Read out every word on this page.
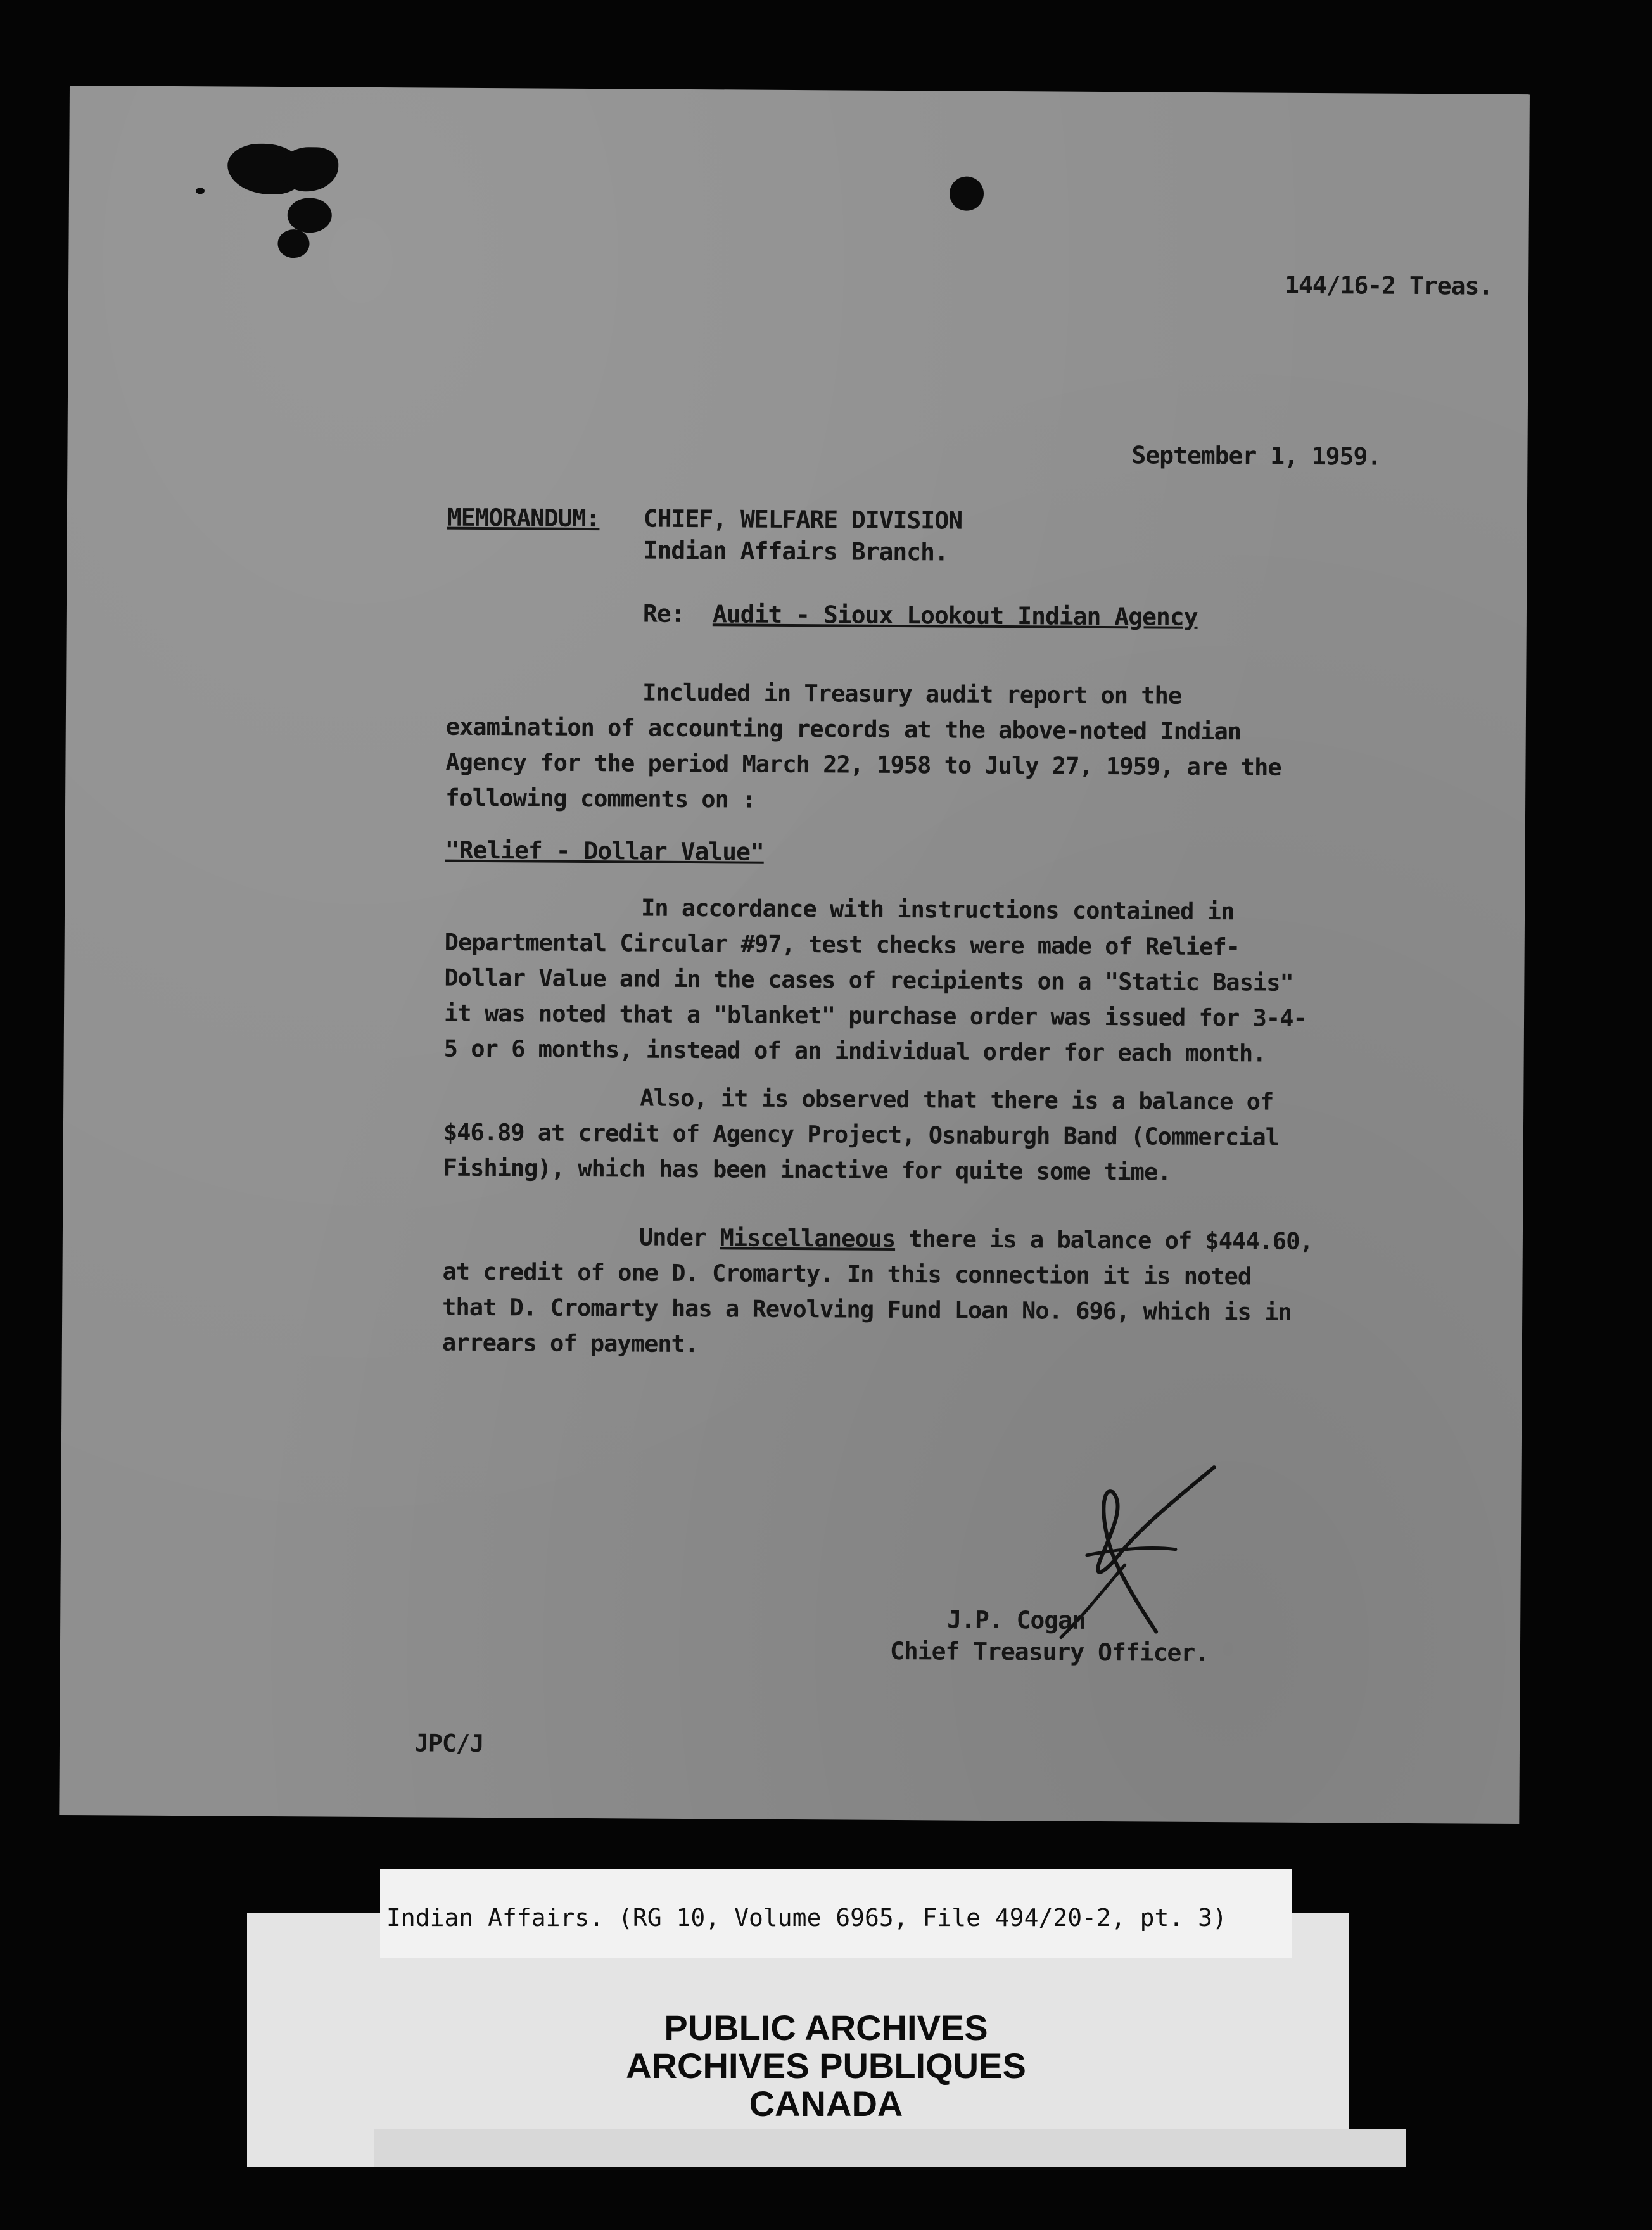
144/16-2 Treas.
September 1, 1959.
MEMORANDUM: CHIEF, WELFARE DIVISION
Indian Affairs Branch.
Re: Audit - Sioux Lookout Indian Agency
Included in Treasury audit report on the examination of accounting records at the above-noted Indian Agency for the period March 22, 1958 to July 27, 1959, are the following comments on :
"Relief - Dollar Value"
In accordance with instructions contained in Departmental Circular #97, test checks were made of Relief-Dollar Value and in the cases of recipients on a "Static Basis" it was noted that a "blanket" purchase order was issued for 3-4-5 or 6 months, instead of an individual order for each month.
Also, it is observed that there is a balance of $46.89 at credit of Agency Project, Osnaburgh Band (Commercial Fishing), which has been inactive for quite some time.
Under Miscellaneous there is a balance of $444.60, at credit of one D. Cromarty. In this connection it is noted that D. Cromarty has a Revolving Fund Loan No. 696, which is in arrears of payment.
J.P. Cogan
Chief Treasury Officer.
JPC/J
Indian Affairs. (RG 10, Volume 6965, File 494/20-2, pt. 3)
PUBLIC ARCHIVES
ARCHIVES PUBLIQUES
CANADA
